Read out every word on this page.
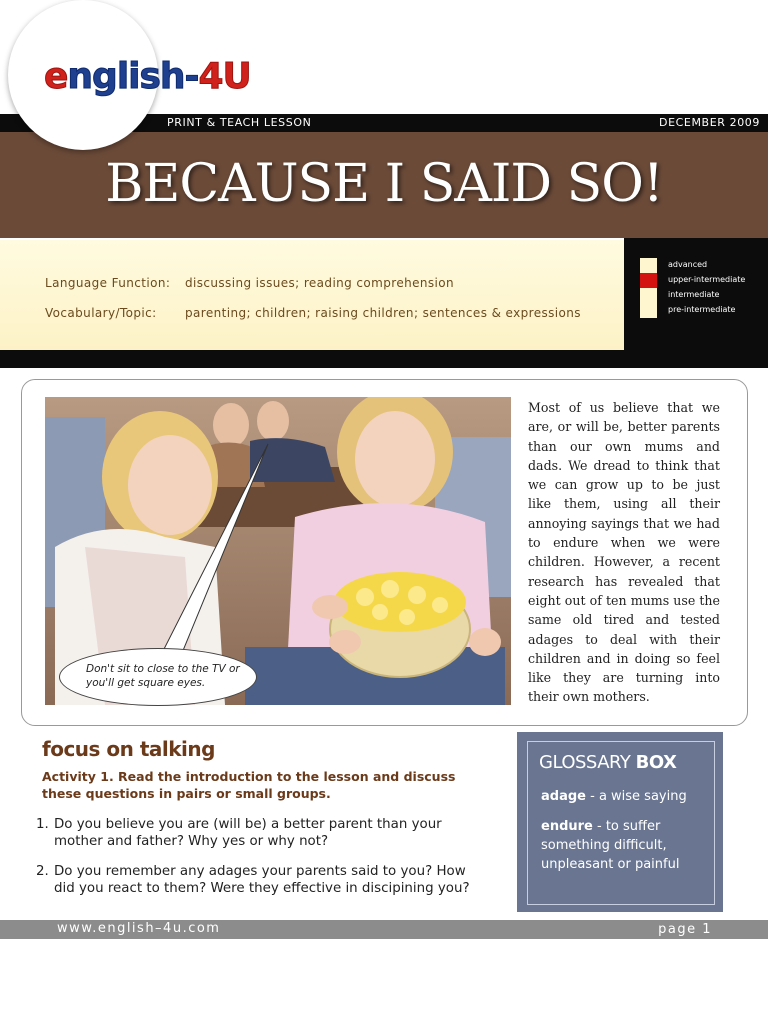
english-4U
PRINT & TEACH LESSON	DECEMBER 2009
BECAUSE I SAID SO!
Language Function: discussing issues; reading comprehension
Vocabulary/Topic: parenting; children; raising children; sentences & expressions
advanced
upper-intermediate
intermediate
pre-intermediate
Don't sit to close to the TV or you'll get square eyes.
Most of us believe that we are, or will be, better parents than our own mums and dads. We dread to think that we can grow up to be just like them, using all their annoying sayings that we had to endure when we were children. However, a recent research has revealed that eight out of ten mums use the same old tired and tested adages to deal with their children and in doing so feel like they are turning into their own mothers.
focus on talking
Activity 1. Read the introduction to the lesson and discuss these questions in pairs or small groups.
1. Do you believe you are (will be) a better parent than your mother and father? Why yes or why not?
2. Do you remember any adages your parents said to you? How did you react to them? Were they effective in discipining you?
GLOSSARY BOX
adage - a wise saying
endure - to suffer something difficult, unpleasant or painful
www.english–4u.com	page 1
